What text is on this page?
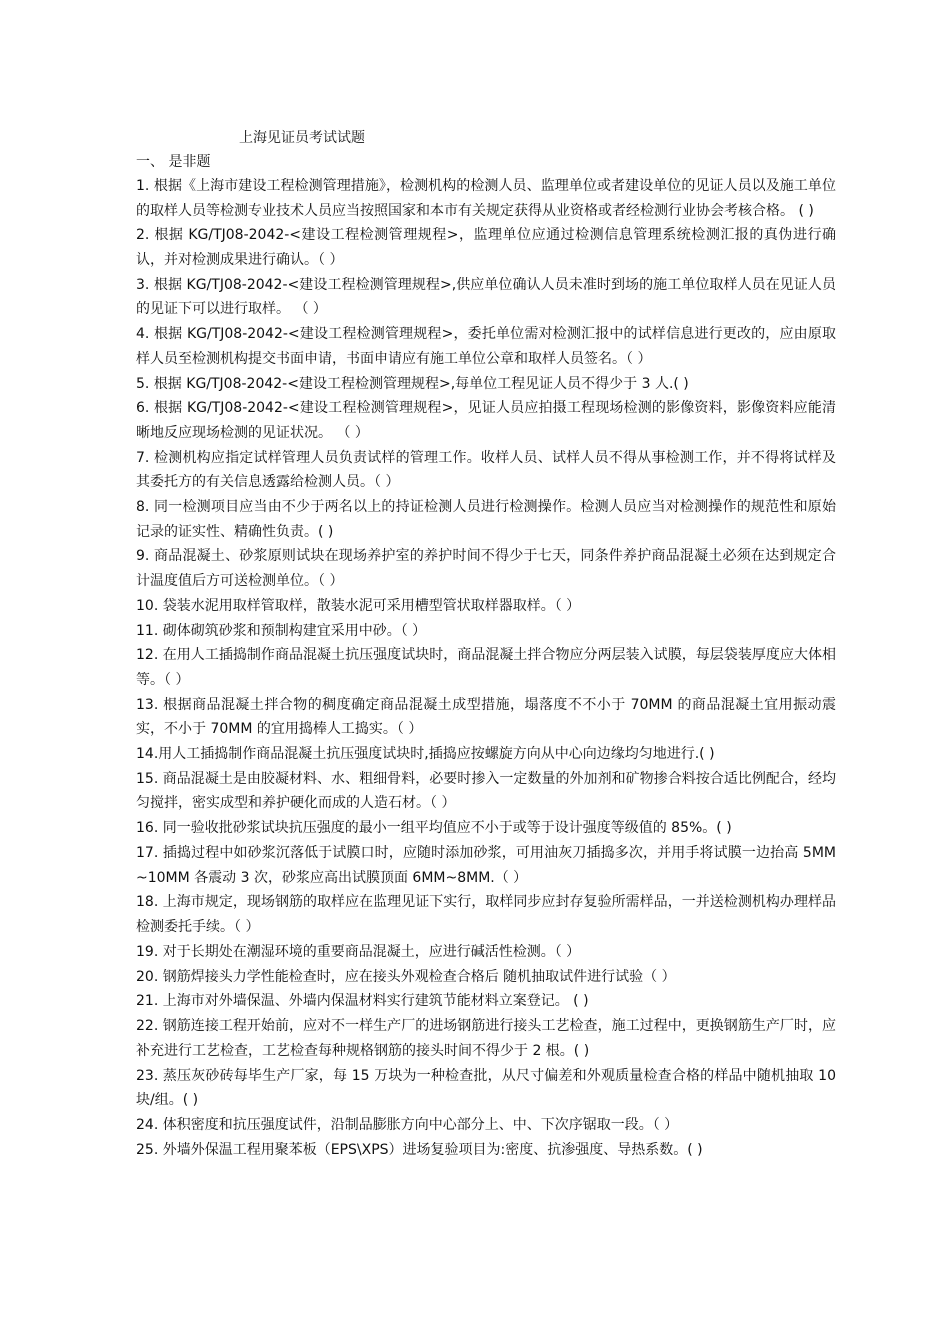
上海见证员考试试题

一、 是非题

1. 根据《上海市建设工程检测管理措施》，检测机构的检测人员、监理单位或者建设单位的见证人员以及施工单位的取样人员等检测专业技术人员应当按照国家和本市有关规定获得从业资格或者经检测行业协会考核合格。 ( )

2. 根据 KG/TJ08-2042-<建设工程检测管理规程>，监理单位应通过检测信息管理系统检测汇报的真伪进行确认，并对检测成果进行确认。（ ）

3. 根据 KG/TJ08-2042-<建设工程检测管理规程>,供应单位确认人员未准时到场的施工单位取样人员在见证人员的见证下可以进行取样。 （ ）

4. 根据 KG/TJ08-2042-<建设工程检测管理规程>，委托单位需对检测汇报中的试样信息进行更改的，应由原取样人员至检测机构提交书面申请，书面申请应有施工单位公章和取样人员签名。（ ）

5. 根据 KG/TJ08-2042-<建设工程检测管理规程>,每单位工程见证人员不得少于 3 人.( )

6. 根据 KG/TJ08-2042-<建设工程检测管理规程>，见证人员应拍摄工程现场检测的影像资料，影像资料应能清晰地反应现场检测的见证状况。 （ ）

7. 检测机构应指定试样管理人员负责试样的管理工作。收样人员、试样人员不得从事检测工作，并不得将试样及其委托方的有关信息透露给检测人员。（ ）

8. 同一检测项目应当由不少于两名以上的持证检测人员进行检测操作。检测人员应当对检测操作的规范性和原始记录的证实性、精确性负责。( )

9. 商品混凝土、砂浆原则试块在现场养护室的养护时间不得少于七天，同条件养护商品混凝土必须在达到规定合计温度值后方可送检测单位。（ ）

10. 袋装水泥用取样管取样，散装水泥可采用槽型管状取样器取样。（ ）

11. 砌体砌筑砂浆和预制构建宜采用中砂。（ ）

12. 在用人工插捣制作商品混凝土抗压强度试块时，商品混凝土拌合物应分两层装入试膜，每层袋装厚度应大体相等。（ ）

13. 根据商品混凝土拌合物的稠度确定商品混凝土成型措施，塌落度不不小于 70MM 的商品混凝土宜用振动震实，不小于 70MM 的宜用捣棒人工捣实。（ ）

14.用人工插捣制作商品混凝土抗压强度试块时,插捣应按螺旋方向从中心向边缘均匀地进行.( )

15. 商品混凝土是由胶凝材料、水、粗细骨料，必要时掺入一定数量的外加剂和矿物掺合料按合适比例配合，经均匀搅拌，密实成型和养护硬化而成的人造石材。（ ）

16. 同一验收批砂浆试块抗压强度的最小一组平均值应不小于或等于设计强度等级值的 85%。( )

17. 插捣过程中如砂浆沉落低于试膜口时，应随时添加砂浆，可用油灰刀插捣多次，并用手将试膜一边抬高 5MM~10MM 各震动 3 次，砂浆应高出试膜顶面 6MM~8MM.（ ）

18. 上海市规定，现场钢筋的取样应在监理见证下实行，取样同步应封存复验所需样品，一并送检测机构办理样品检测委托手续。（ ）

19. 对于长期处在潮湿环境的重要商品混凝土，应进行碱活性检测。（ ）

20. 钢筋焊接头力学性能检查时，应在接头外观检查合格后 随机抽取试件进行试验（ ）

21. 上海市对外墙保温、外墙内保温材料实行建筑节能材料立案登记。 ( )

22. 钢筋连接工程开始前，应对不一样生产厂的进场钢筋进行接头工艺检查，施工过程中，更换钢筋生产厂时，应补充进行工艺检查，工艺检查每种规格钢筋的接头时间不得少于 2 根。( )

23. 蒸压灰砂砖每毕生产厂家，每 15 万块为一种检查批，从尺寸偏差和外观质量检查合格的样品中随机抽取 10 块/组。( )

24. 体积密度和抗压强度试件，沿制品膨胀方向中心部分上、中、下次序锯取一段。（ ）

25. 外墙外保温工程用聚苯板（EPS\XPS）进场复验项目为:密度、抗渗强度、导热系数。( )
